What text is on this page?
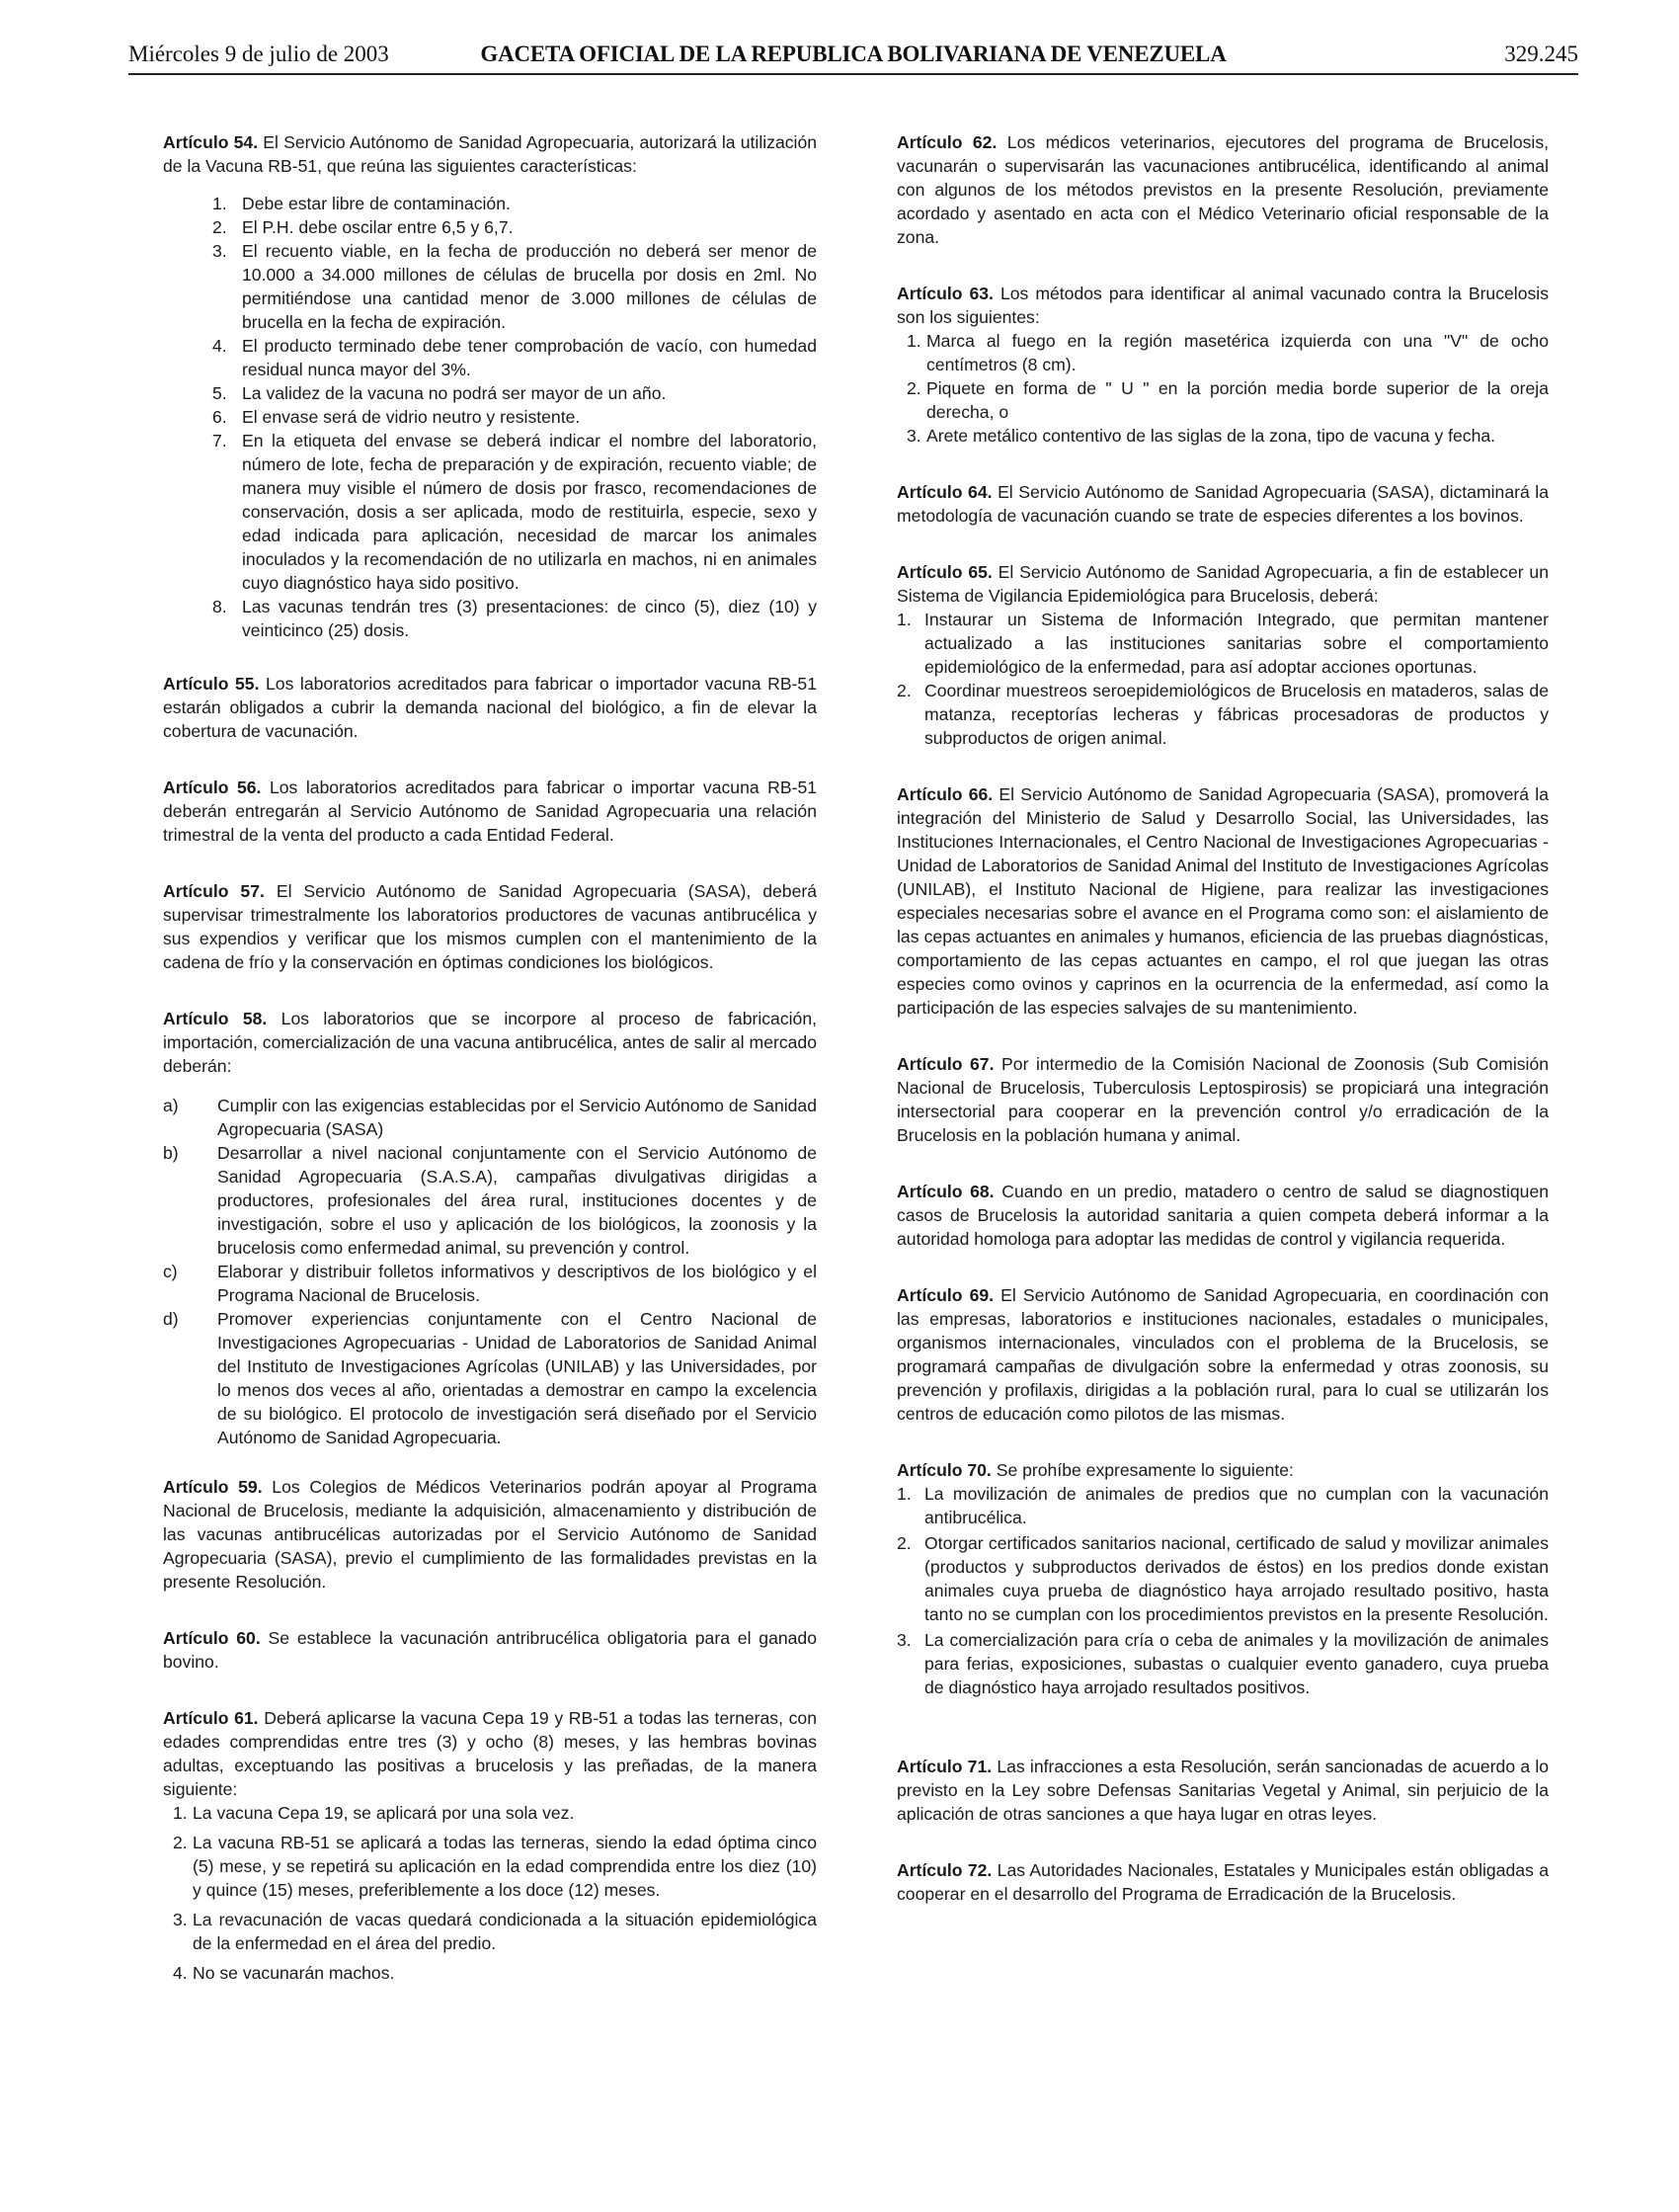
Miércoles 9 de julio de 2003	GACETA OFICIAL DE LA REPUBLICA BOLIVARIANA DE VENEZUELA	329.245

Artículo 54. El Servicio Autónomo de Sanidad Agropecuaria, autorizará la utilización de la Vacuna RB-51, que reúna las siguientes características:

1. Debe estar libre de contaminación.
2. El P.H. debe oscilar entre 6,5 y 6,7.
3. El recuento viable, en la fecha de producción no deberá ser menor de 10.000 a 34.000 millones de células de brucella por dosis en 2ml. No permitiéndose una cantidad menor de 3.000 millones de células de brucella en la fecha de expiración.
4. El producto terminado debe tener comprobación de vacío, con humedad residual nunca mayor del 3%.
5. La validez de la vacuna no podrá ser mayor de un año.
6. El envase será de vidrio neutro y resistente.
7. En la etiqueta del envase se deberá indicar el nombre del laboratorio, número de lote, fecha de preparación y de expiración, recuento viable; de manera muy visible el número de dosis por frasco, recomendaciones de conservación, dosis a ser aplicada, modo de restituirla, especie, sexo y edad indicada para aplicación, necesidad de marcar los animales inoculados y la recomendación de no utilizarla en machos, ni en animales cuyo diagnóstico haya sido positivo.
8. Las vacunas tendrán tres (3) presentaciones: de cinco (5), diez (10) y veinticinco (25) dosis.
Artículo 55. Los laboratorios acreditados para fabricar o importador vacuna RB-51 estarán obligados a cubrir la demanda nacional del biológico, a fin de elevar la cobertura de vacunación.
Artículo 56. Los laboratorios acreditados para fabricar o importar vacuna RB-51 deberán entregarán al Servicio Autónomo de Sanidad Agropecuaria una relación trimestral de la venta del producto a cada Entidad Federal.
Artículo 57. El Servicio Autónomo de Sanidad Agropecuaria (SASA), deberá supervisar trimestralmente los laboratorios productores de vacunas antibrucélica y sus expendios y verificar que los mismos cumplen con el mantenimiento de la cadena de frío y la conservación en óptimas condiciones los biológicos.

Artículo 58. Los laboratorios que se incorpore al proceso de fabricación, importación, comercialización de una vacuna antibrucélica, antes de salir al mercado deberán:

a) Cumplir con las exigencias establecidas por el Servicio Autónomo de Sanidad Agropecuaria (SASA)
b) Desarrollar a nivel nacional conjuntamente con el Servicio Autónomo de Sanidad Agropecuaria (S.A.S.A), campañas divulgativas dirigidas a productores, profesionales del área rural, instituciones docentes y de investigación, sobre el uso y aplicación de los biológicos, la zoonosis y la brucelosis como enfermedad animal, su prevención y control.
c) Elaborar y distribuir folletos informativos y descriptivos de los biológico y el Programa Nacional de Brucelosis.
d) Promover experiencias conjuntamente con el Centro Nacional de Investigaciones Agropecuarias - Unidad de Laboratorios de Sanidad Animal del Instituto de Investigaciones Agrícolas (UNILAB) y las Universidades, por lo menos dos veces al año, orientadas a demostrar en campo la excelencia de su biológico. El protocolo de investigación será diseñado por el Servicio Autónomo de Sanidad Agropecuaria.
Artículo 59. Los Colegios de Médicos Veterinarios podrán apoyar al Programa Nacional de Brucelosis, mediante la adquisición, almacenamiento y distribución de las vacunas antibrucélicas autorizadas por el Servicio Autónomo de Sanidad Agropecuaria (SASA), previo el cumplimiento de las formalidades previstas en la presente Resolución.
Artículo 60. Se establece la vacunación antribrucélica obligatoria para el ganado bovino.

Artículo 61. Deberá aplicarse la vacuna Cepa 19 y RB-51 a todas las terneras, con edades comprendidas entre tres (3) y ocho (8) meses, y las hembras bovinas adultas, exceptuando las positivas a brucelosis y las preñadas, de la manera siguiente:

1. La vacuna Cepa 19, se aplicará por una sola vez.
2. La vacuna RB-51 se aplicará a todas las terneras, siendo la edad óptima cinco (5) mese, y se repetirá su aplicación en la edad comprendida entre los diez (10) y quince (15) meses, preferiblemente a los doce (12) meses.
3. La revacunación de vacas quedará condicionada a la situación epidemiológica de la enfermedad en el área del predio.
4. No se vacunarán machos.
Artículo 62. Los médicos veterinarios, ejecutores del programa de Brucelosis, vacunarán o supervisarán las vacunaciones antibrucélica, identificando al animal con algunos de los métodos previstos en la presente Resolución, previamente acordado y asentado en acta con el Médico Veterinario oficial responsable de la zona.

Artículo 63. Los métodos para identificar al animal vacunado contra la Brucelosis son los siguientes:

1. Marca al fuego en la región masetérica izquierda con una "V" de ocho centímetros (8 cm).
2. Piquete en forma de " U " en la porción media borde superior de la oreja derecha, o
3. Arete metálico contentivo de las siglas de la zona, tipo de vacuna y fecha.
Artículo 64. El Servicio Autónomo de Sanidad Agropecuaria (SASA), dictaminará la metodología de vacunación cuando se trate de especies diferentes a los bovinos.

Artículo 65. El Servicio Autónomo de Sanidad Agropecuaria, a fin de establecer un Sistema de Vigilancia Epidemiológica para Brucelosis, deberá:

1. Instaurar un Sistema de Información Integrado, que permitan mantener actualizado a las instituciones sanitarias sobre el comportamiento epidemiológico de la enfermedad, para así adoptar acciones oportunas.
2. Coordinar muestreos seroepidemiológicos de Brucelosis en mataderos, salas de matanza, receptorías lecheras y fábricas procesadoras de productos y subproductos de origen animal.
Artículo 66. El Servicio Autónomo de Sanidad Agropecuaria (SASA), promoverá la integración del Ministerio de Salud y Desarrollo Social, las Universidades, las Instituciones Internacionales, el Centro Nacional de Investigaciones Agropecuarias - Unidad de Laboratorios de Sanidad Animal del Instituto de Investigaciones Agrícolas (UNILAB), el Instituto Nacional de Higiene, para realizar las investigaciones especiales necesarias sobre el avance en el Programa como son: el aislamiento de las cepas actuantes en animales y humanos, eficiencia de las pruebas diagnósticas, comportamiento de las cepas actuantes en campo, el rol que juegan las otras especies como ovinos y caprinos en la ocurrencia de la enfermedad, así como la participación de las especies salvajes de su mantenimiento.
Artículo 67. Por intermedio de la Comisión Nacional de Zoonosis (Sub Comisión Nacional de Brucelosis, Tuberculosis Leptospirosis) se propiciará una integración intersectorial para cooperar en la prevención control y/o erradicación de la Brucelosis en la población humana y animal.
Artículo 68. Cuando en un predio, matadero o centro de salud se diagnostiquen casos de Brucelosis la autoridad sanitaria a quien competa deberá informar a la autoridad homologa para adoptar las medidas de control y vigilancia requerida.
Artículo 69. El Servicio Autónomo de Sanidad Agropecuaria, en coordinación con las empresas, laboratorios e instituciones nacionales, estadales o municipales, organismos internacionales, vinculados con el problema de la Brucelosis, se programará campañas de divulgación sobre la enfermedad y otras zoonosis, su prevención y profilaxis, dirigidas a la población rural, para lo cual se utilizarán los centros de educación como pilotos de las mismas.

Artículo 70. Se prohíbe expresamente lo siguiente:

1. La movilización de animales de predios que no cumplan con la vacunación antibrucélica.
2. Otorgar certificados sanitarios nacional, certificado de salud y movilizar animales (productos y subproductos derivados de éstos) en los predios donde existan animales cuya prueba de diagnóstico haya arrojado resultado positivo, hasta tanto no se cumplan con los procedimientos previstos en la presente Resolución.
3. La comercialización para cría o ceba de animales y la movilización de animales para ferias, exposiciones, subastas o cualquier evento ganadero, cuya prueba de diagnóstico haya arrojado resultados positivos.
Artículo 71. Las infracciones a esta Resolución, serán sancionadas de acuerdo a lo previsto en la Ley sobre Defensas Sanitarias Vegetal y Animal, sin perjuicio de la aplicación de otras sanciones a que haya lugar en otras leyes.
Artículo 72. Las Autoridades Nacionales, Estatales y Municipales están obligadas a cooperar en el desarrollo del Programa de Erradicación de la Brucelosis.
